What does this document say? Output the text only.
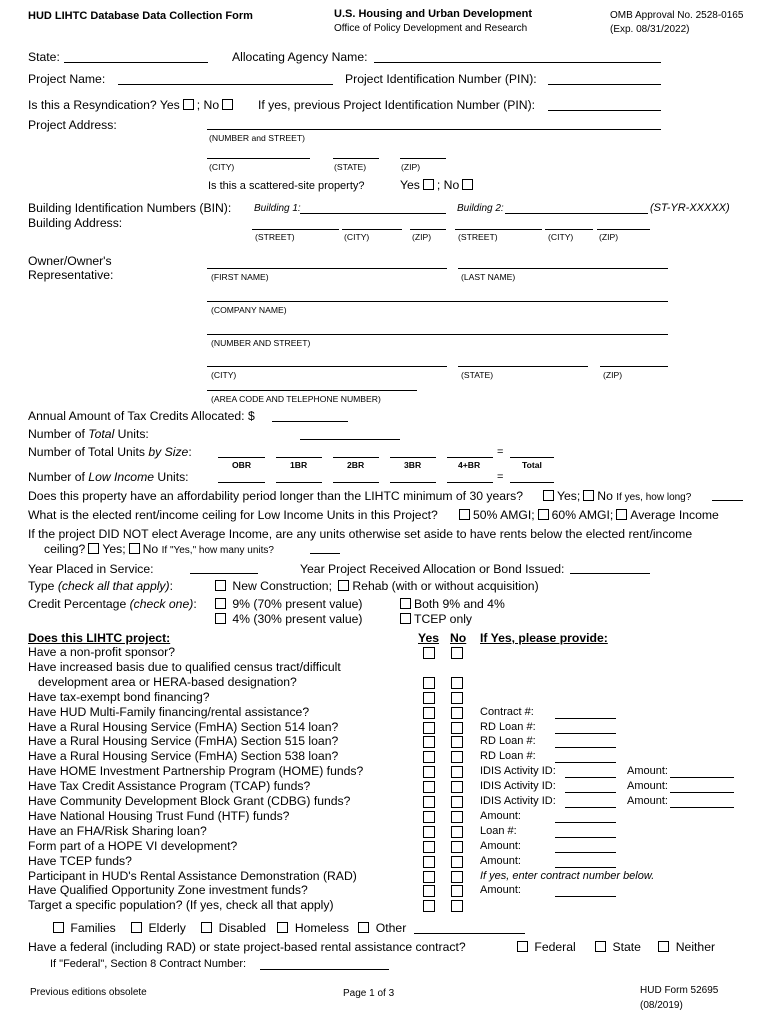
HUD LIHTC Database Data Collection Form	U.S. Housing and Urban Development
Office of Policy Development and Research
OMB Approval No. 2528-0165
(Exp. 08/31/2022)
State:	Allocating Agency Name:
Project Name:	Project Identification Number (PIN):
Is this a Resyndication? Yes ; No	If yes, previous Project Identification Number (PIN):
Project Address:
(NUMBER and STREET)
(CITY)	(STATE)	(ZIP)
Is this a scattered-site property?	Yes ; No
Building Identification Numbers (BIN):
Building Address:
Building 1:	Building 2:	(ST-YR-XXXXX)
(STREET)	(CITY)	(ZIP)	(STREET)	(CITY)	(ZIP)
Owner/Owner's
Representative:	(FIRST NAME)	(LAST NAME)
(COMPANY NAME)
(NUMBER AND STREET)
(CITY)	(STATE)	(ZIP)
(AREA CODE AND TELEPHONE NUMBER)
Annual Amount of Tax Credits Allocated: $
Number of Total Units:
Number of Total Units by Size:	=
OBR	1BR	2BR	3BR	4+BR	Total
Number of Low Income Units:	=
Does this property have an affordability period longer than the LIHTC minimum of 30 years?	Yes; No If yes, how long?
What is the elected rent/income ceiling for Low Income Units in this Project?	50% AMGI; 60% AMGI; Average Income
If the project DID NOT elect Average Income, are any units otherwise set aside to have rents below the elected rent/income
ceiling? Yes; No If "Yes," how many units?
Year Placed in Service:	Year Project Received Allocation or Bond Issued:
Type (check all that apply):	New Construction; Rehab (with or without acquisition)
Credit Percentage (check one):	9% (70% present value)	Both 9% and 4%
4% (30% present value)	TCEP only
Does this LIHTC project:	Yes No If Yes, please provide:
Have a non-profit sponsor?
Have increased basis due to qualified census tract/difficult
development area or HERA-based designation?
Have tax-exempt bond financing?
Have HUD Multi-Family financing/rental assistance?	Contract #:
Have a Rural Housing Service (FmHA) Section 514 loan?	RD Loan #:
Have a Rural Housing Service (FmHA) Section 515 loan?	RD Loan #:
Have a Rural Housing Service (FmHA) Section 538 loan?	RD Loan #:
Have HOME Investment Partnership Program (HOME) funds?	IDIS Activity ID:	Amount:
Have Tax Credit Assistance Program (TCAP) funds?	IDIS Activity ID:	Amount:
Have Community Development Block Grant (CDBG) funds?	IDIS Activity ID:	Amount:
Have National Housing Trust Fund (HTF) funds?	Amount:
Have an FHA/Risk Sharing loan?	Loan #:
Form part of a HOPE VI development?	Amount:
Have TCEP funds?	Amount:
Participant in HUD's Rental Assistance Demonstration (RAD)	If yes, enter contract number below.
Have Qualified Opportunity Zone investment funds?	Amount:
Target a specific population? (If yes, check all that apply)
Families	Elderly	Disabled Homeless Other
Have a federal (including RAD) or state project-based rental assistance contract?	Federal	State	Neither
If "Federal", Section 8 Contract Number:
Previous editions obsolete	Page 1 of 3	HUD Form 52695
(08/2019)
